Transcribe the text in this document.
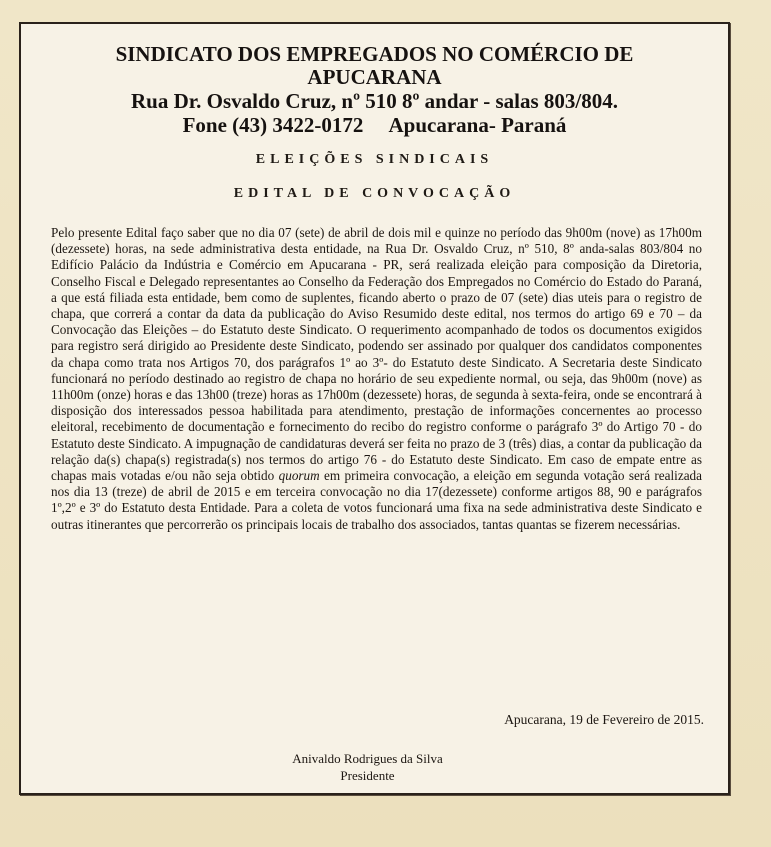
SINDICATO DOS EMPREGADOS NO COMÉRCIO DE
APUCARANA
Rua Dr. Osvaldo Cruz, nº 510 8º andar - salas 803/804.
Fone (43) 3422-0172     Apucarana- Paraná
ELEIÇÕES SINDICAIS
EDITAL DE CONVOCAÇÃO

Pelo presente Edital faço saber que no dia 07 (sete) de abril de dois mil e quinze no período das 9h00m (nove) as 17h00m (dezessete) horas, na sede administrativa desta entidade, na Rua Dr. Osvaldo Cruz, nº 510, 8º anda-salas 803/804 no Edifício Palácio da Indústria e Comércio em Apucarana - PR, será realizada eleição para composição da Diretoria, Conselho Fiscal e Delegado representantes ao Conselho da Federação dos Empregados no Comércio do Estado do Paraná, a que está filiada esta entidade, bem como de suplentes, ficando aberto o prazo de 07 (sete) dias uteis para o registro de chapa, que correrá a contar da data da publicação do Aviso Resumido deste edital, nos termos do artigo 69 e 70 – da Convocação das Eleições – do Estatuto deste Sindicato. O requerimento acompanhado de todos os documentos exigidos para registro será dirigido ao Presidente deste Sindicato, podendo ser assinado por qualquer dos candidatos componentes da chapa como trata nos Artigos 70, dos parágrafos 1º ao 3º- do Estatuto deste Sindicato. A Secretaria deste Sindicato funcionará no período destinado ao registro de chapa no horário de seu expediente normal, ou seja, das 9h00m (nove) as 11h00m (onze) horas e das 13h00 (treze) horas as 17h00m (dezessete) horas, de segunda à sexta-feira, onde se encontrará à disposição dos interessados pessoa habilitada para atendimento, prestação de informações concernentes ao processo eleitoral, recebimento de documentação e fornecimento do recibo do registro conforme o parágrafo 3º do Artigo 70 - do Estatuto deste Sindicato. A impugnação de candidaturas deverá ser feita no prazo de 3 (três) dias, a contar da publicação da relação da(s) chapa(s) registrada(s) nos termos do artigo 76 - do Estatuto deste Sindicato. Em caso de empate entre as chapas mais votadas e/ou não seja obtido quorum em primeira convocação, a eleição em segunda votação será realizada nos dia 13 (treze) de abril de 2015 e em terceira convocação no dia 17(dezessete) conforme artigos 88, 90 e parágrafos 1º,2º e 3º do Estatuto desta Entidade. Para a coleta de votos funcionará uma fixa na sede administrativa deste Sindicato e outras itinerantes que percorrerão os principais locais de trabalho dos associados, tantas quantas se fizerem necessárias.

Apucarana, 19 de Fevereiro de 2015.
Anivaldo Rodrigues da Silva
Presidente
